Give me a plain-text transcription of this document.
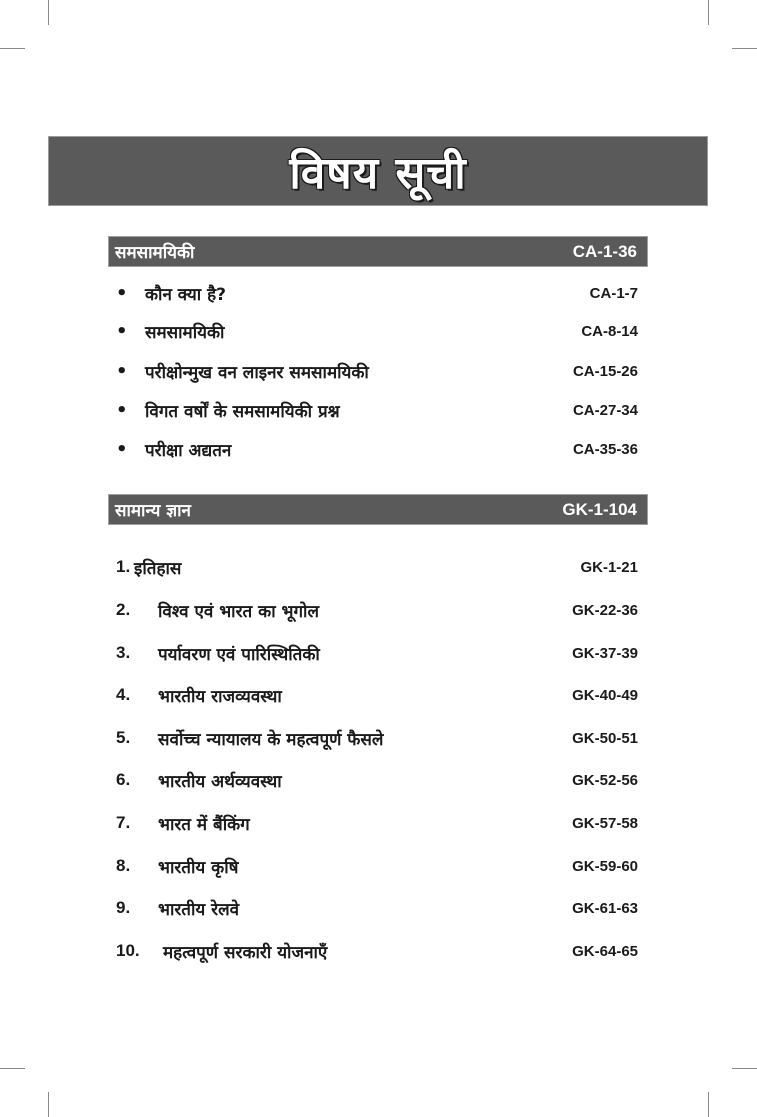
विषय सूची
समसामयिकी	CA-1-36
• कौन क्या है?	CA-1-7
• समसामयिकी	CA-8-14
• परीक्षोन्मुख वन लाइनर समसामयिकी	CA-15-26
• विगत वर्षों के समसामयिकी प्रश्न	CA-27-34
• परीक्षा अद्यतन	CA-35-36
सामान्य ज्ञान	GK-1-104
1. इतिहास	GK-1-21
2. विश्व एवं भारत का भूगोल	GK-22-36
3. पर्यावरण एवं पारिस्थितिकी	GK-37-39
4. भारतीय राजव्यवस्था	GK-40-49
5. सर्वोच्च न्यायालय के महत्वपूर्ण फैसले	GK-50-51
6. भारतीय अर्थव्यवस्था	GK-52-56
7. भारत में बैंकिंग	GK-57-58
8. भारतीय कृषि	GK-59-60
9. भारतीय रेलवे	GK-61-63
10. महत्वपूर्ण सरकारी योजनाएँ	GK-64-65
